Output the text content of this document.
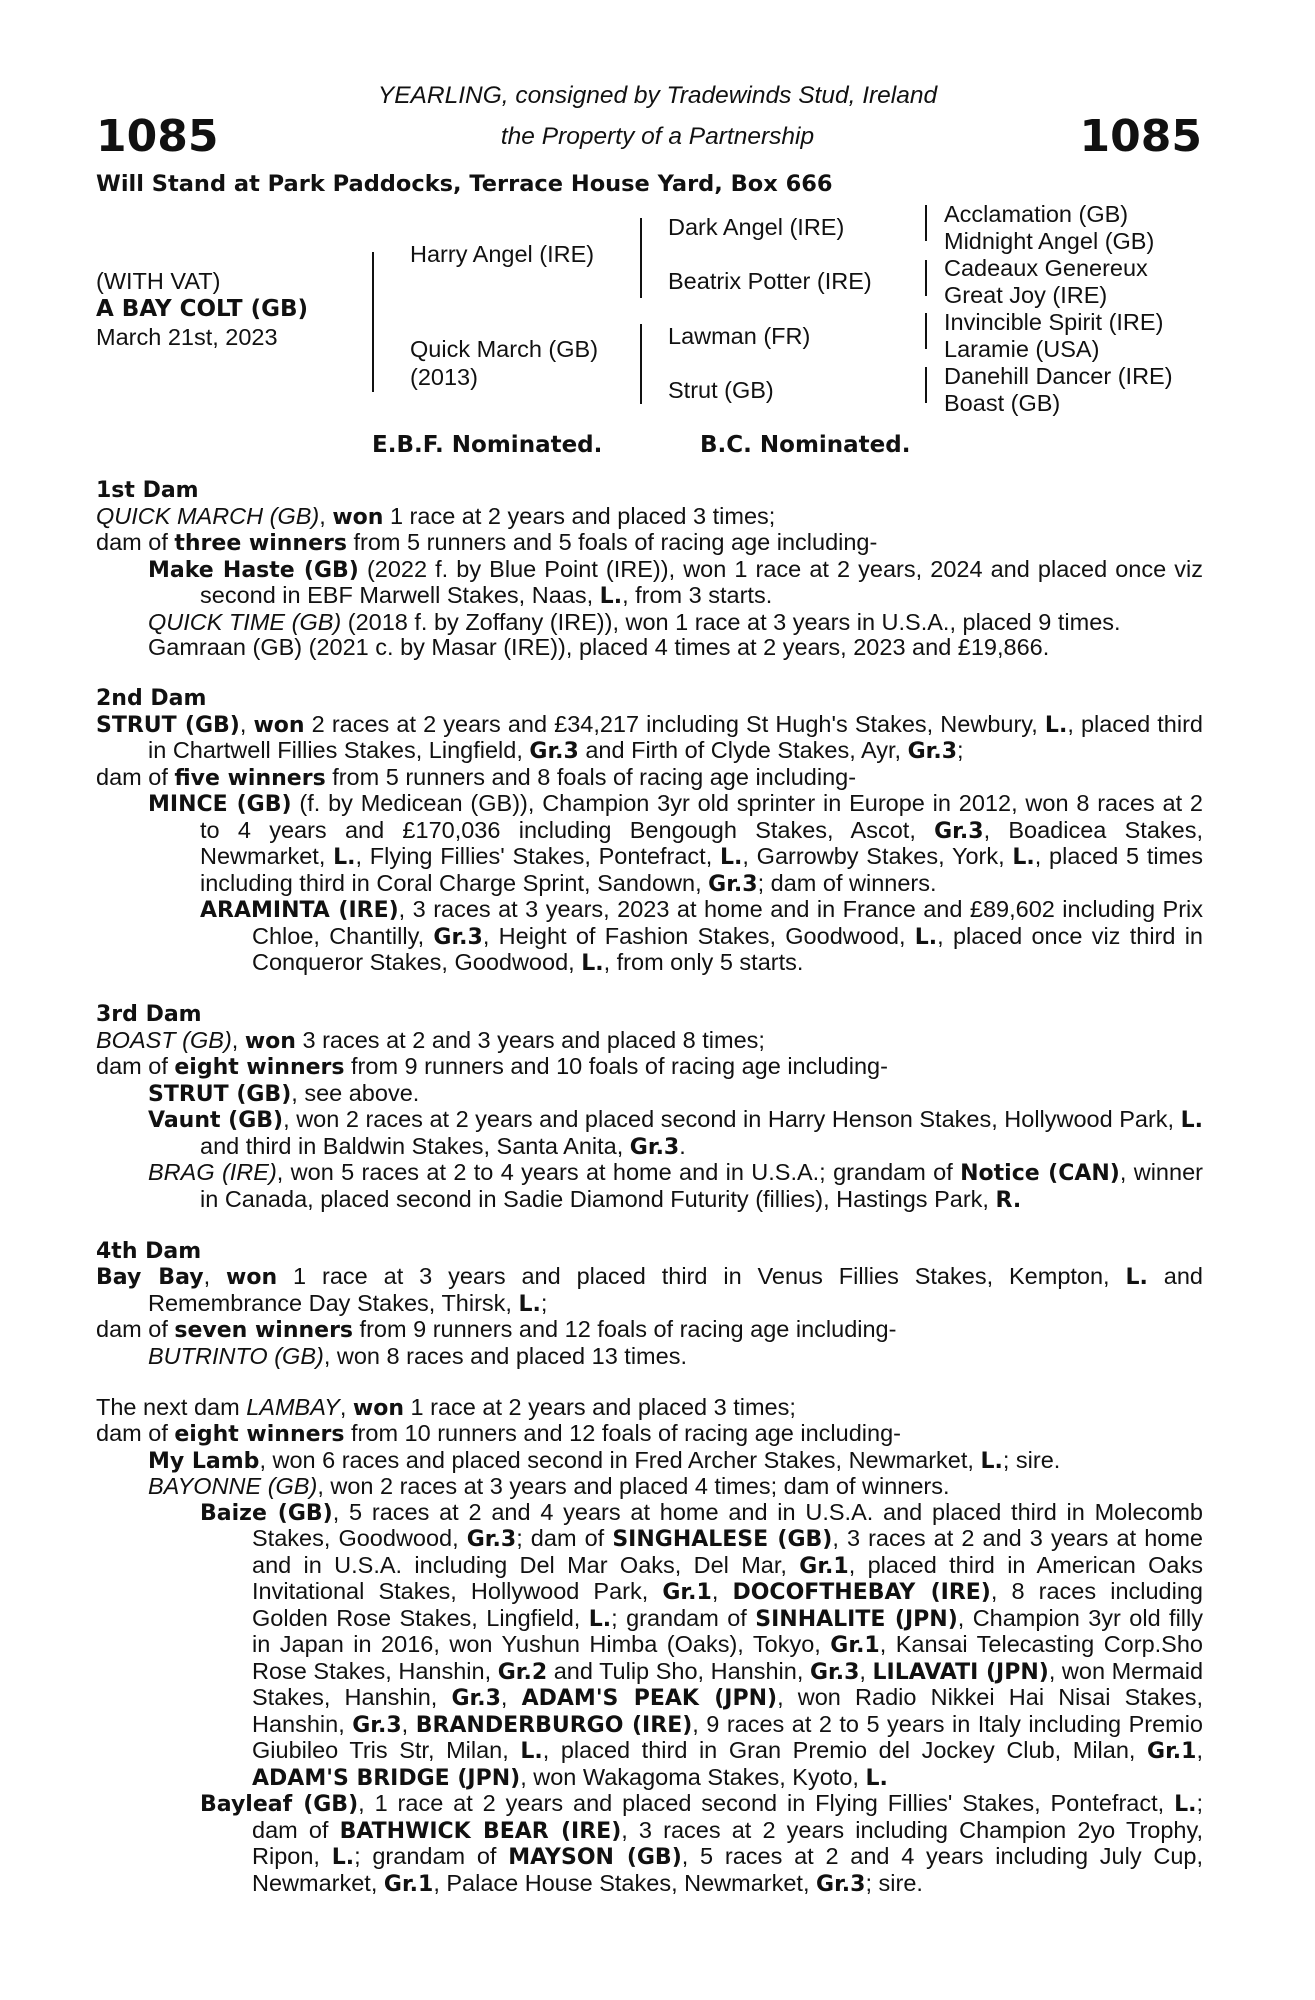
1085	1085
YEARLING, consigned by Tradewinds Stud, Ireland
the Property of a Partnership
Will Stand at Park Paddocks, Terrace House Yard, Box 666
(WITH VAT)
A BAY COLT (GB)
March 21st, 2023
Harry Angel (IRE)
Quick March (GB)
(2013)
Dark Angel (IRE)
Beatrix Potter (IRE)
Lawman (FR)
Strut (GB)
Acclamation (GB)
Midnight Angel (GB)
Cadeaux Genereux
Great Joy (IRE)
Invincible Spirit (IRE)
Laramie (USA)
Danehill Dancer (IRE)
Boast (GB)
E.B.F. Nominated.	B.C. Nominated.
1st Dam
QUICK MARCH (GB), won 1 race at 2 years and placed 3 times;
dam of three winners from 5 runners and 5 foals of racing age including-
Make Haste (GB) (2022 f. by Blue Point (IRE)), won 1 race at 2 years, 2024 and placed once viz second in EBF Marwell Stakes, Naas, L., from 3 starts.
QUICK TIME (GB) (2018 f. by Zoffany (IRE)), won 1 race at 3 years in U.S.A., placed 9 times.
Gamraan (GB) (2021 c. by Masar (IRE)), placed 4 times at 2 years, 2023 and £19,866.
2nd Dam
STRUT (GB), won 2 races at 2 years and £34,217 including St Hugh's Stakes, Newbury, L., placed third in Chartwell Fillies Stakes, Lingfield, Gr.3 and Firth of Clyde Stakes, Ayr, Gr.3;
dam of five winners from 5 runners and 8 foals of racing age including-
MINCE (GB) (f. by Medicean (GB)), Champion 3yr old sprinter in Europe in 2012, won 8 races at 2 to 4 years and £170,036 including Bengough Stakes, Ascot, Gr.3, Boadicea Stakes, Newmarket, L., Flying Fillies' Stakes, Pontefract, L., Garrowby Stakes, York, L., placed 5 times including third in Coral Charge Sprint, Sandown, Gr.3; dam of winners.
ARAMINTA (IRE), 3 races at 3 years, 2023 at home and in France and £89,602 including Prix Chloe, Chantilly, Gr.3, Height of Fashion Stakes, Goodwood, L., placed once viz third in Conqueror Stakes, Goodwood, L., from only 5 starts.
3rd Dam
BOAST (GB), won 3 races at 2 and 3 years and placed 8 times;
dam of eight winners from 9 runners and 10 foals of racing age including-
STRUT (GB), see above.
Vaunt (GB), won 2 races at 2 years and placed second in Harry Henson Stakes, Hollywood Park, L. and third in Baldwin Stakes, Santa Anita, Gr.3.
BRAG (IRE), won 5 races at 2 to 4 years at home and in U.S.A.; grandam of Notice (CAN), winner in Canada, placed second in Sadie Diamond Futurity (fillies), Hastings Park, R.
4th Dam
Bay Bay, won 1 race at 3 years and placed third in Venus Fillies Stakes, Kempton, L. and Remembrance Day Stakes, Thirsk, L.;
dam of seven winners from 9 runners and 12 foals of racing age including-
BUTRINTO (GB), won 8 races and placed 13 times.
The next dam LAMBAY, won 1 race at 2 years and placed 3 times;
dam of eight winners from 10 runners and 12 foals of racing age including-
My Lamb, won 6 races and placed second in Fred Archer Stakes, Newmarket, L.; sire.
BAYONNE (GB), won 2 races at 3 years and placed 4 times; dam of winners.
Baize (GB), 5 races at 2 and 4 years at home and in U.S.A. and placed third in Molecomb Stakes, Goodwood, Gr.3; dam of SINGHALESE (GB), 3 races at 2 and 3 years at home and in U.S.A. including Del Mar Oaks, Del Mar, Gr.1, placed third in American Oaks Invitational Stakes, Hollywood Park, Gr.1, DOCOFTHEBAY (IRE), 8 races including Golden Rose Stakes, Lingfield, L.; grandam of SINHALITE (JPN), Champion 3yr old filly in Japan in 2016, won Yushun Himba (Oaks), Tokyo, Gr.1, Kansai Telecasting Corp.Sho Rose Stakes, Hanshin, Gr.2 and Tulip Sho, Hanshin, Gr.3, LILAVATI (JPN), won Mermaid Stakes, Hanshin, Gr.3, ADAM'S PEAK (JPN), won Radio Nikkei Hai Nisai Stakes, Hanshin, Gr.3, BRANDERBURGO (IRE), 9 races at 2 to 5 years in Italy including Premio Giubileo Tris Str, Milan, L., placed third in Gran Premio del Jockey Club, Milan, Gr.1, ADAM'S BRIDGE (JPN), won Wakagoma Stakes, Kyoto, L.
Bayleaf (GB), 1 race at 2 years and placed second in Flying Fillies' Stakes, Pontefract, L.; dam of BATHWICK BEAR (IRE), 3 races at 2 years including Champion 2yo Trophy, Ripon, L.; grandam of MAYSON (GB), 5 races at 2 and 4 years including July Cup, Newmarket, Gr.1, Palace House Stakes, Newmarket, Gr.3; sire.
